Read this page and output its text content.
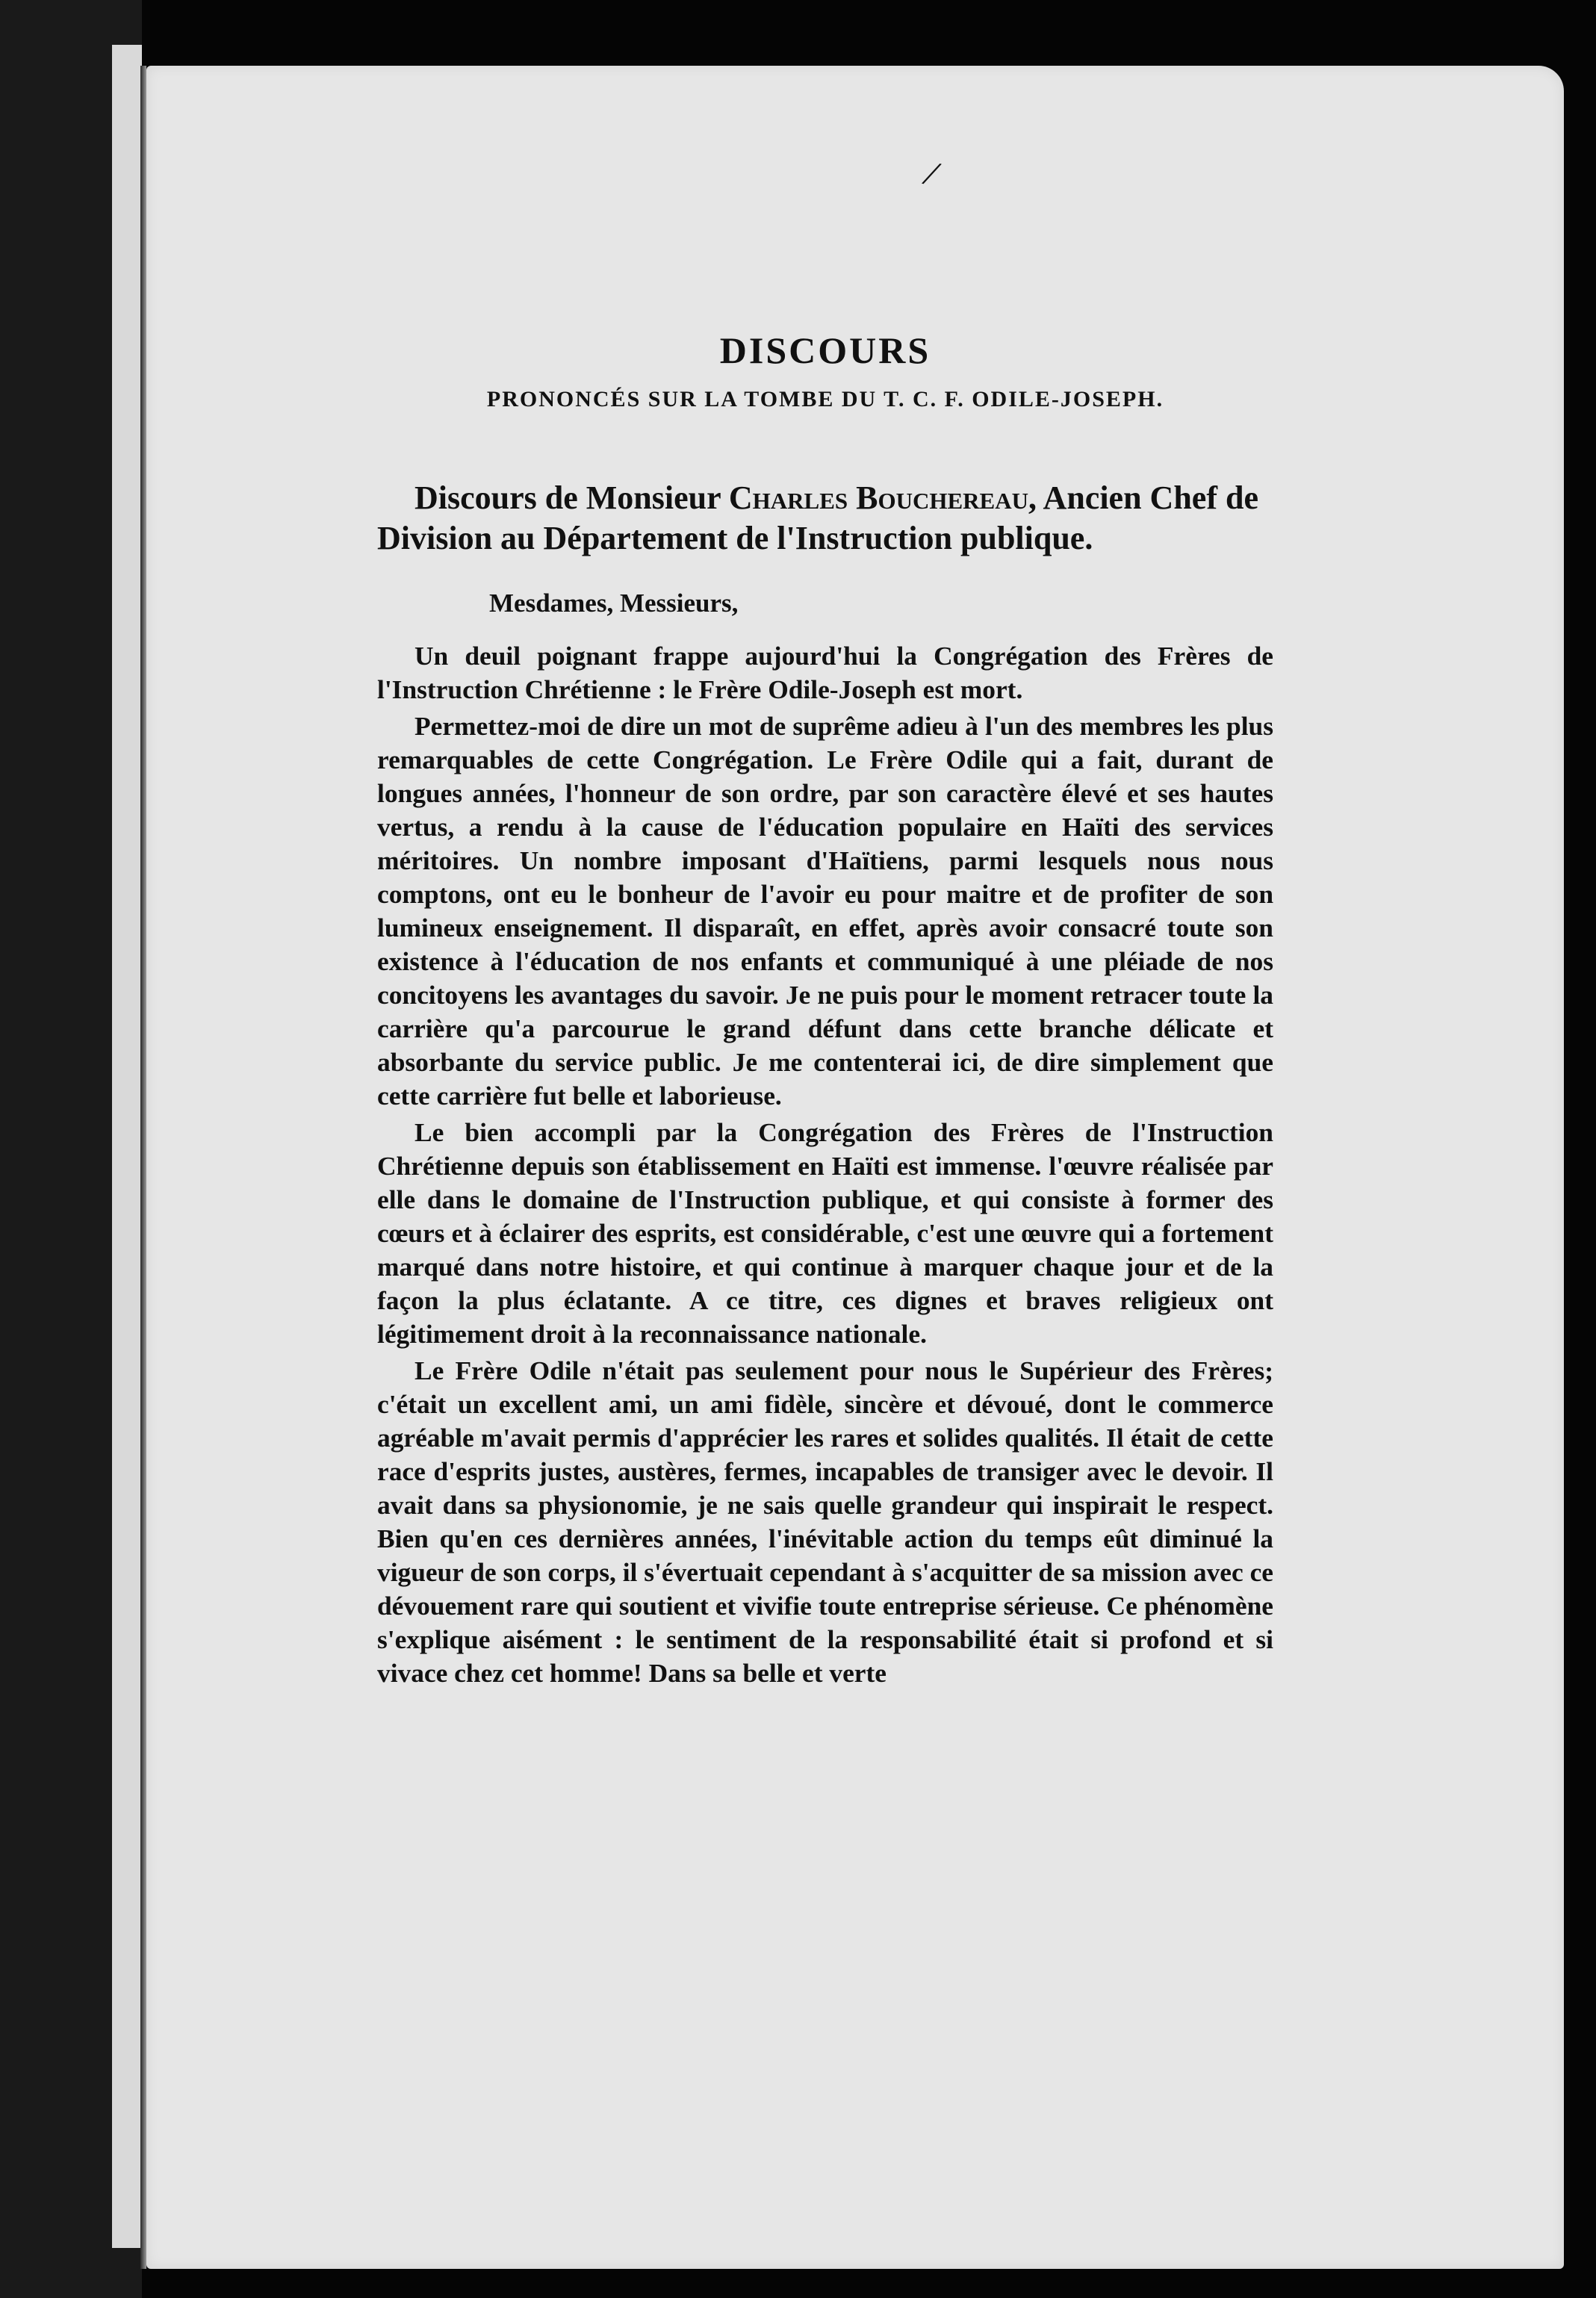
/
DISCOURS
PRONONCÉS SUR LA TOMBE DU T. C. F. ODILE-JOSEPH.

Discours de Monsieur Charles Bouchereau, Ancien Chef de Division au Département de l'Instruction publique.

Mesdames, Messieurs,

Un deuil poignant frappe aujourd'hui la Congrégation des Frères de l'Instruction Chrétienne : le Frère Odile-Joseph est mort.

Permettez-moi de dire un mot de suprême adieu à l'un des membres les plus remarquables de cette Congrégation. Le Frère Odile qui a fait, durant de longues années, l'honneur de son ordre, par son caractère élevé et ses hautes vertus, a rendu à la cause de l'éducation populaire en Haïti des services méritoires. Un nombre imposant d'Haïtiens, parmi lesquels nous nous comptons, ont eu le bonheur de l'avoir eu pour maitre et de profiter de son lumineux enseignement. Il disparaît, en effet, après avoir consacré toute son existence à l'éducation de nos enfants et communiqué à une pléiade de nos concitoyens les avantages du savoir. Je ne puis pour le moment retracer toute la carrière qu'a parcourue le grand défunt dans cette branche délicate et absorbante du service public. Je me contenterai ici, de dire simplement que cette carrière fut belle et laborieuse.

Le bien accompli par la Congrégation des Frères de l'Instruction Chrétienne depuis son établissement en Haïti est immense. l'œuvre réalisée par elle dans le domaine de l'Instruction publique, et qui consiste à former des cœurs et à éclairer des esprits, est considérable, c'est une œuvre qui a fortement marqué dans notre histoire, et qui continue à marquer chaque jour et de la façon la plus éclatante. A ce titre, ces dignes et braves religieux ont légitimement droit à la reconnaissance nationale.

Le Frère Odile n'était pas seulement pour nous le Supérieur des Frères; c'était un excellent ami, un ami fidèle, sincère et dévoué, dont le commerce agréable m'avait permis d'apprécier les rares et solides qualités. Il était de cette race d'esprits justes, austères, fermes, incapables de transiger avec le devoir. Il avait dans sa physionomie, je ne sais quelle grandeur qui inspirait le respect. Bien qu'en ces dernières années, l'inévitable action du temps eût diminué la vigueur de son corps, il s'évertuait cependant à s'acquitter de sa mission avec ce dévouement rare qui soutient et vivifie toute entreprise sérieuse. Ce phénomène s'explique aisément : le sentiment de la responsabilité était si profond et si vivace chez cet homme! Dans sa belle et verte
